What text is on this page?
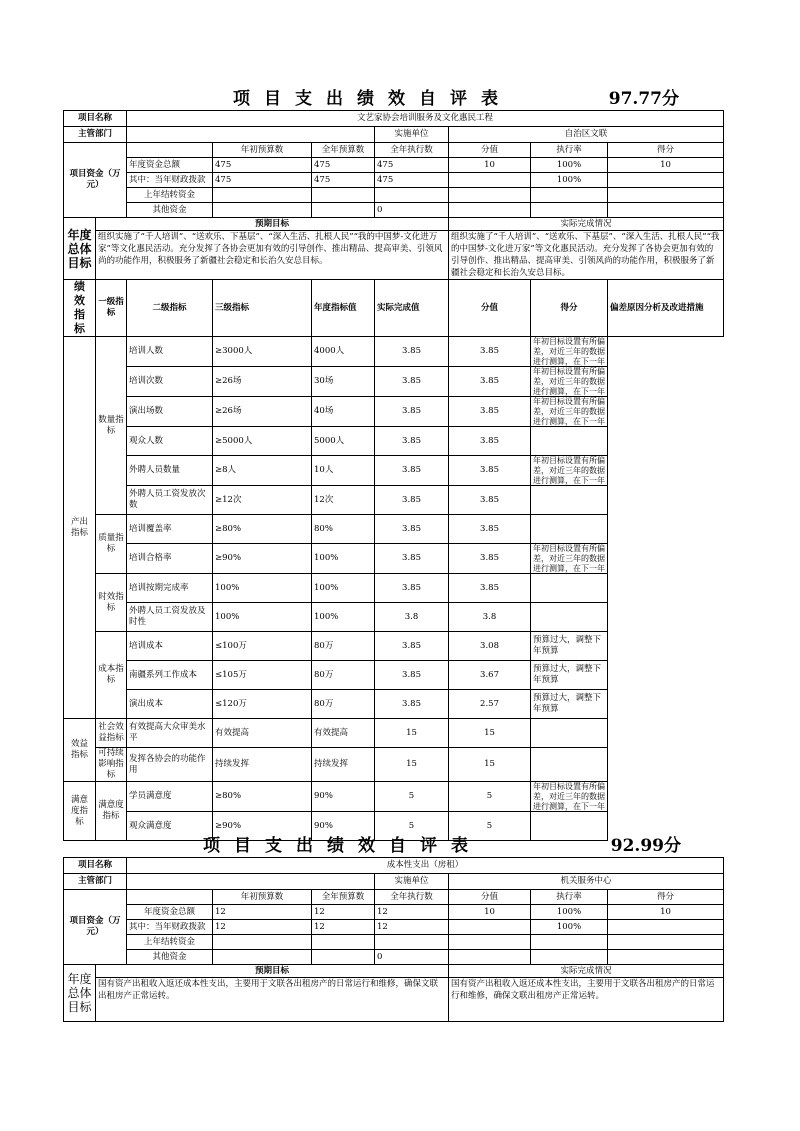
项目支出绩效自评表	97.77分
项目名称		文艺家协会培训服务及文化惠民工程						
主管部门					实施单位	自治区文联		
项目资金（万元）			年初预算数	全年预算数	全年执行数	分值	执行率	得分
		年度资金总额	475	475	475	10	100%	10

		其中：当年财政拨款	475	475	475		100%	
		上年结转资金						
		其他资金			0			
年度总体目标	预期目标					实际完成情况		
	组织实施了“千人培训”、“送欢乐、下基层”、“深入生活、扎根人民”“我的中国梦-文化进万家”等文化惠民活动。充分发挥了各协会更加有效的引导创作、推出精品、提高审美、引领风尚的功能作用，积极服务了新疆社会稳定和长治久安总目标。					组织实施了“千人培训”、“送欢乐、下基层”、“深入生活、扎根人民”“我的中国梦-文化进万家”等文化惠民活动。充分发挥了各协会更加有效的引导创作、推出精品、提高审美、引领风尚的功能作用，积极服务了新疆社会稳定和长治久安总目标。		
绩效指标	一级指标	二级指标	三级指标	年度指标值	实际完成值	分值	得分	偏差原因分析及改进措施
产出指标	数量指标	培训人数	≥3000人	4000人	3.85	3.85	年初目标设置有所偏差，对近三年的数据进行测算，在下一年	

		培训次数	≥26场	30场	3.85	3.85	年初目标设置有所偏差，对近三年的数据进行测算，在下一年	

		演出场数	≥26场	40场	3.85	3.85	年初目标设置有所偏差，对近三年的数据进行测算，在下一年	

		观众人数	≥5000人	5000人	3.85	3.85		
		外聘人员数量	≥8人	10人	3.85	3.85	年初目标设置有所偏差，对近三年的数据进行测算，在下一年	

		外聘人员工资发放次数	≥12次	12次	3.85	3.85		
	质量指标	培训覆盖率	≥80%	80%	3.85	3.85		
		培训合格率	≥90%	100%	3.85	3.85	年初目标设置有所偏差，对近三年的数据进行测算，在下一年	

	时效指标	培训按期完成率	100%	100%	3.85	3.85		
		外聘人员工资发放及时性	100%	100%	3.8	3.8		
	成本指标	培训成本	≤100万	80万	3.85	3.08	预算过大，调整下年预算	
		南疆系列工作成本	≤105万	80万	3.85	3.67	预算过大，调整下年预算	
		演出成本	≤120万	80万	3.85	2.57	预算过大，调整下年预算	
效益指标	社会效益指标	有效提高大众审美水平	有效提高	有效提高	15	15		
	可持续影响指标	发挥各协会的功能作用	持续发挥	持续发挥	15	15		
满意度指标	满意度指标	学员满意度	≥80%	90%	5	5	年初目标设置有所偏差，对近三年的数据进行测算，在下一年	

		观众满意度	≥90%	90%	5	5		
项目支出绩效自评表	92.99分
项目名称		成本性支出（房租）						
主管部门					实施单位	机关服务中心		
项目资金（万元）			年初预算数	全年预算数	全年执行数	分值	执行率	得分
		年度资金总额	12	12	12	10	100%	10

		其中：当年财政拨款	12	12	12		100%	
		上年结转资金						
		其他资金			0			
年度总体目标	预期目标					实际完成情况		
	国有资产出租收入返还成本性支出，主要用于文联各出租房产的日常运行和维修，确保文联出租房产正常运转。					国有资产出租收入返还成本性支出，主要用于文联各出租房产的日常运行和维修，确保文联出租房产正常运转。		
